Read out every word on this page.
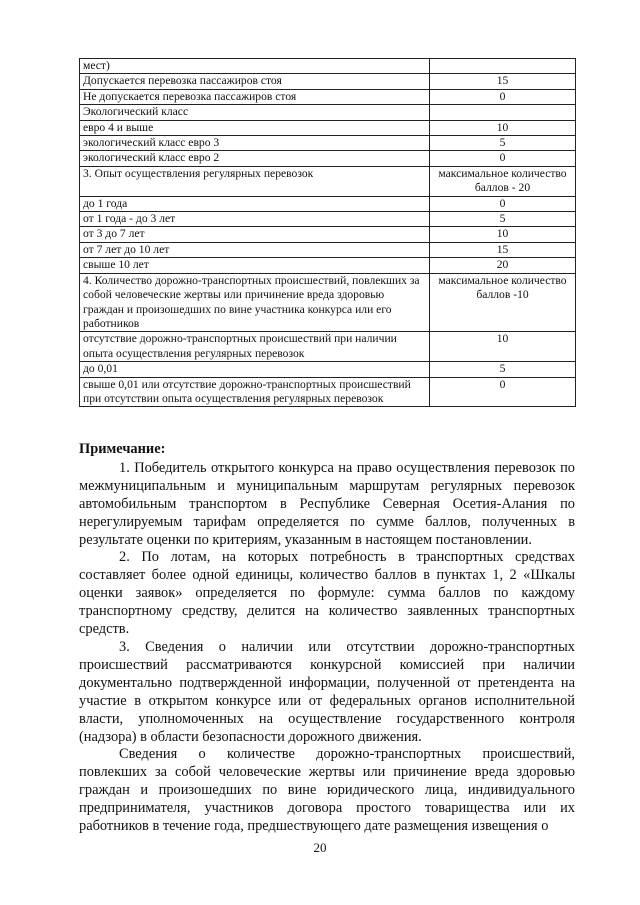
мест)	
Допускается перевозка пассажиров стоя	15
Не допускается перевозка пассажиров стоя	0
Экологический класс	
евро 4 и выше	10
экологический класс евро 3	5
экологический класс евро 2	0
3. Опыт осуществления регулярных перевозок	максимальное количество баллов - 20
до 1 года	0
от 1 года - до 3 лет	5
от 3 до 7 лет	10
от 7 лет до 10 лет	15
свыше 10 лет	20
4. Количество дорожно-транспортных происшествий, повлекших за собой человеческие жертвы или причинение вреда здоровью граждан и произошедших по вине участника конкурса или его работников	максимальное количество баллов -10
отсутствие дорожно-транспортных происшествий при наличии опыта осуществления регулярных перевозок	10
до 0,01	5
свыше 0,01 или отсутствие дорожно-транспортных происшествий при отсутствии опыта осуществления регулярных перевозок	0
Примечание:

1. Победитель открытого конкурса на право осуществления перевозок по межмуниципальным и муниципальным маршрутам регулярных перевозок автомобильным транспортом в Республике Северная Осетия-Алания по нерегулируемым тарифам определяется по сумме баллов, полученных в результате оценки по критериям, указанным в настоящем постановлении.

2. По лотам, на которых потребность в транспортных средствах составляет более одной единицы, количество баллов в пунктах 1, 2 «Шкалы оценки заявок» определяется по формуле: сумма баллов по каждому транспортному средству, делится на количество заявленных транспортных средств.

3. Сведения о наличии или отсутствии дорожно-транспортных происшествий рассматриваются конкурсной комиссией при наличии документально подтвержденной информации, полученной от претендента на участие в открытом конкурсе или от федеральных органов исполнительной власти, уполномоченных на осуществление государственного контроля (надзора) в области безопасности дорожного движения.

Сведения о количестве дорожно-транспортных происшествий, повлекших за собой человеческие жертвы или причинение вреда здоровью граждан и произошедших по вине юридического лица, индивидуального предпринимателя, участников договора простого товарищества или их работников в течение года, предшествующего дате размещения извещения о

20
